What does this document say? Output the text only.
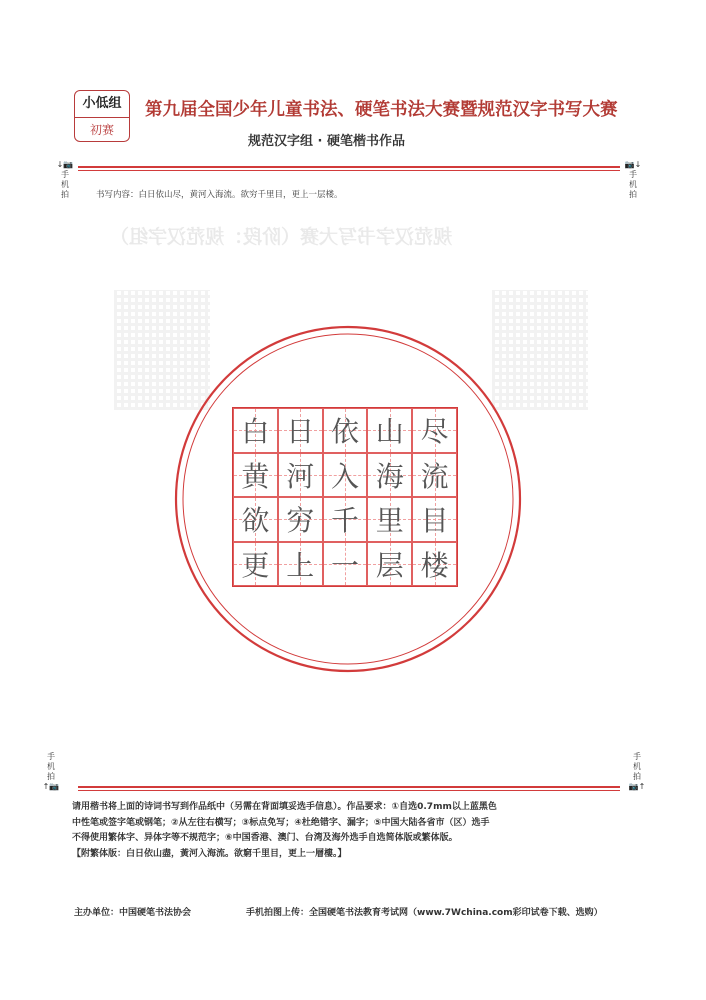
小低组
初赛
第九届全国少年儿童书法、硬笔书法大赛暨规范汉字书写大赛
规范汉字组 · 硬笔楷书作品
↓📷
手
机
拍
📷↓
手
机
拍
手
机
拍
↑📷
手
机
拍
📷↑
书写内容：白日依山尽，黄河入海流。欲穷千里目，更上一层楼。
规范汉字书写大赛（阶段：规范汉字组）
白 日 依 山 尽
黄 河 入 海 流
欲 穷 千 里 目
更 上 一 层 楼

请用楷书将上面的诗词书写到作品纸中（另需在背面填妥选手信息）。作品要求：①自选0.7mm以上蓝黑色

中性笔或签字笔或钢笔；②从左往右横写；③标点免写；④杜绝错字、漏字；⑤中国大陆各省市（区）选手

不得使用繁体字、异体字等不规范字；⑥中国香港、澳门、台湾及海外选手自选简体版或繁体版。

【附繁体版：白日依山盡，黃河入海流。欲窮千里目，更上一層樓。】

主办单位：中国硬笔书法协会	手机拍图上传：全国硬笔书法教育考试网（www.7Wchina.com彩印试卷下载、选购）
